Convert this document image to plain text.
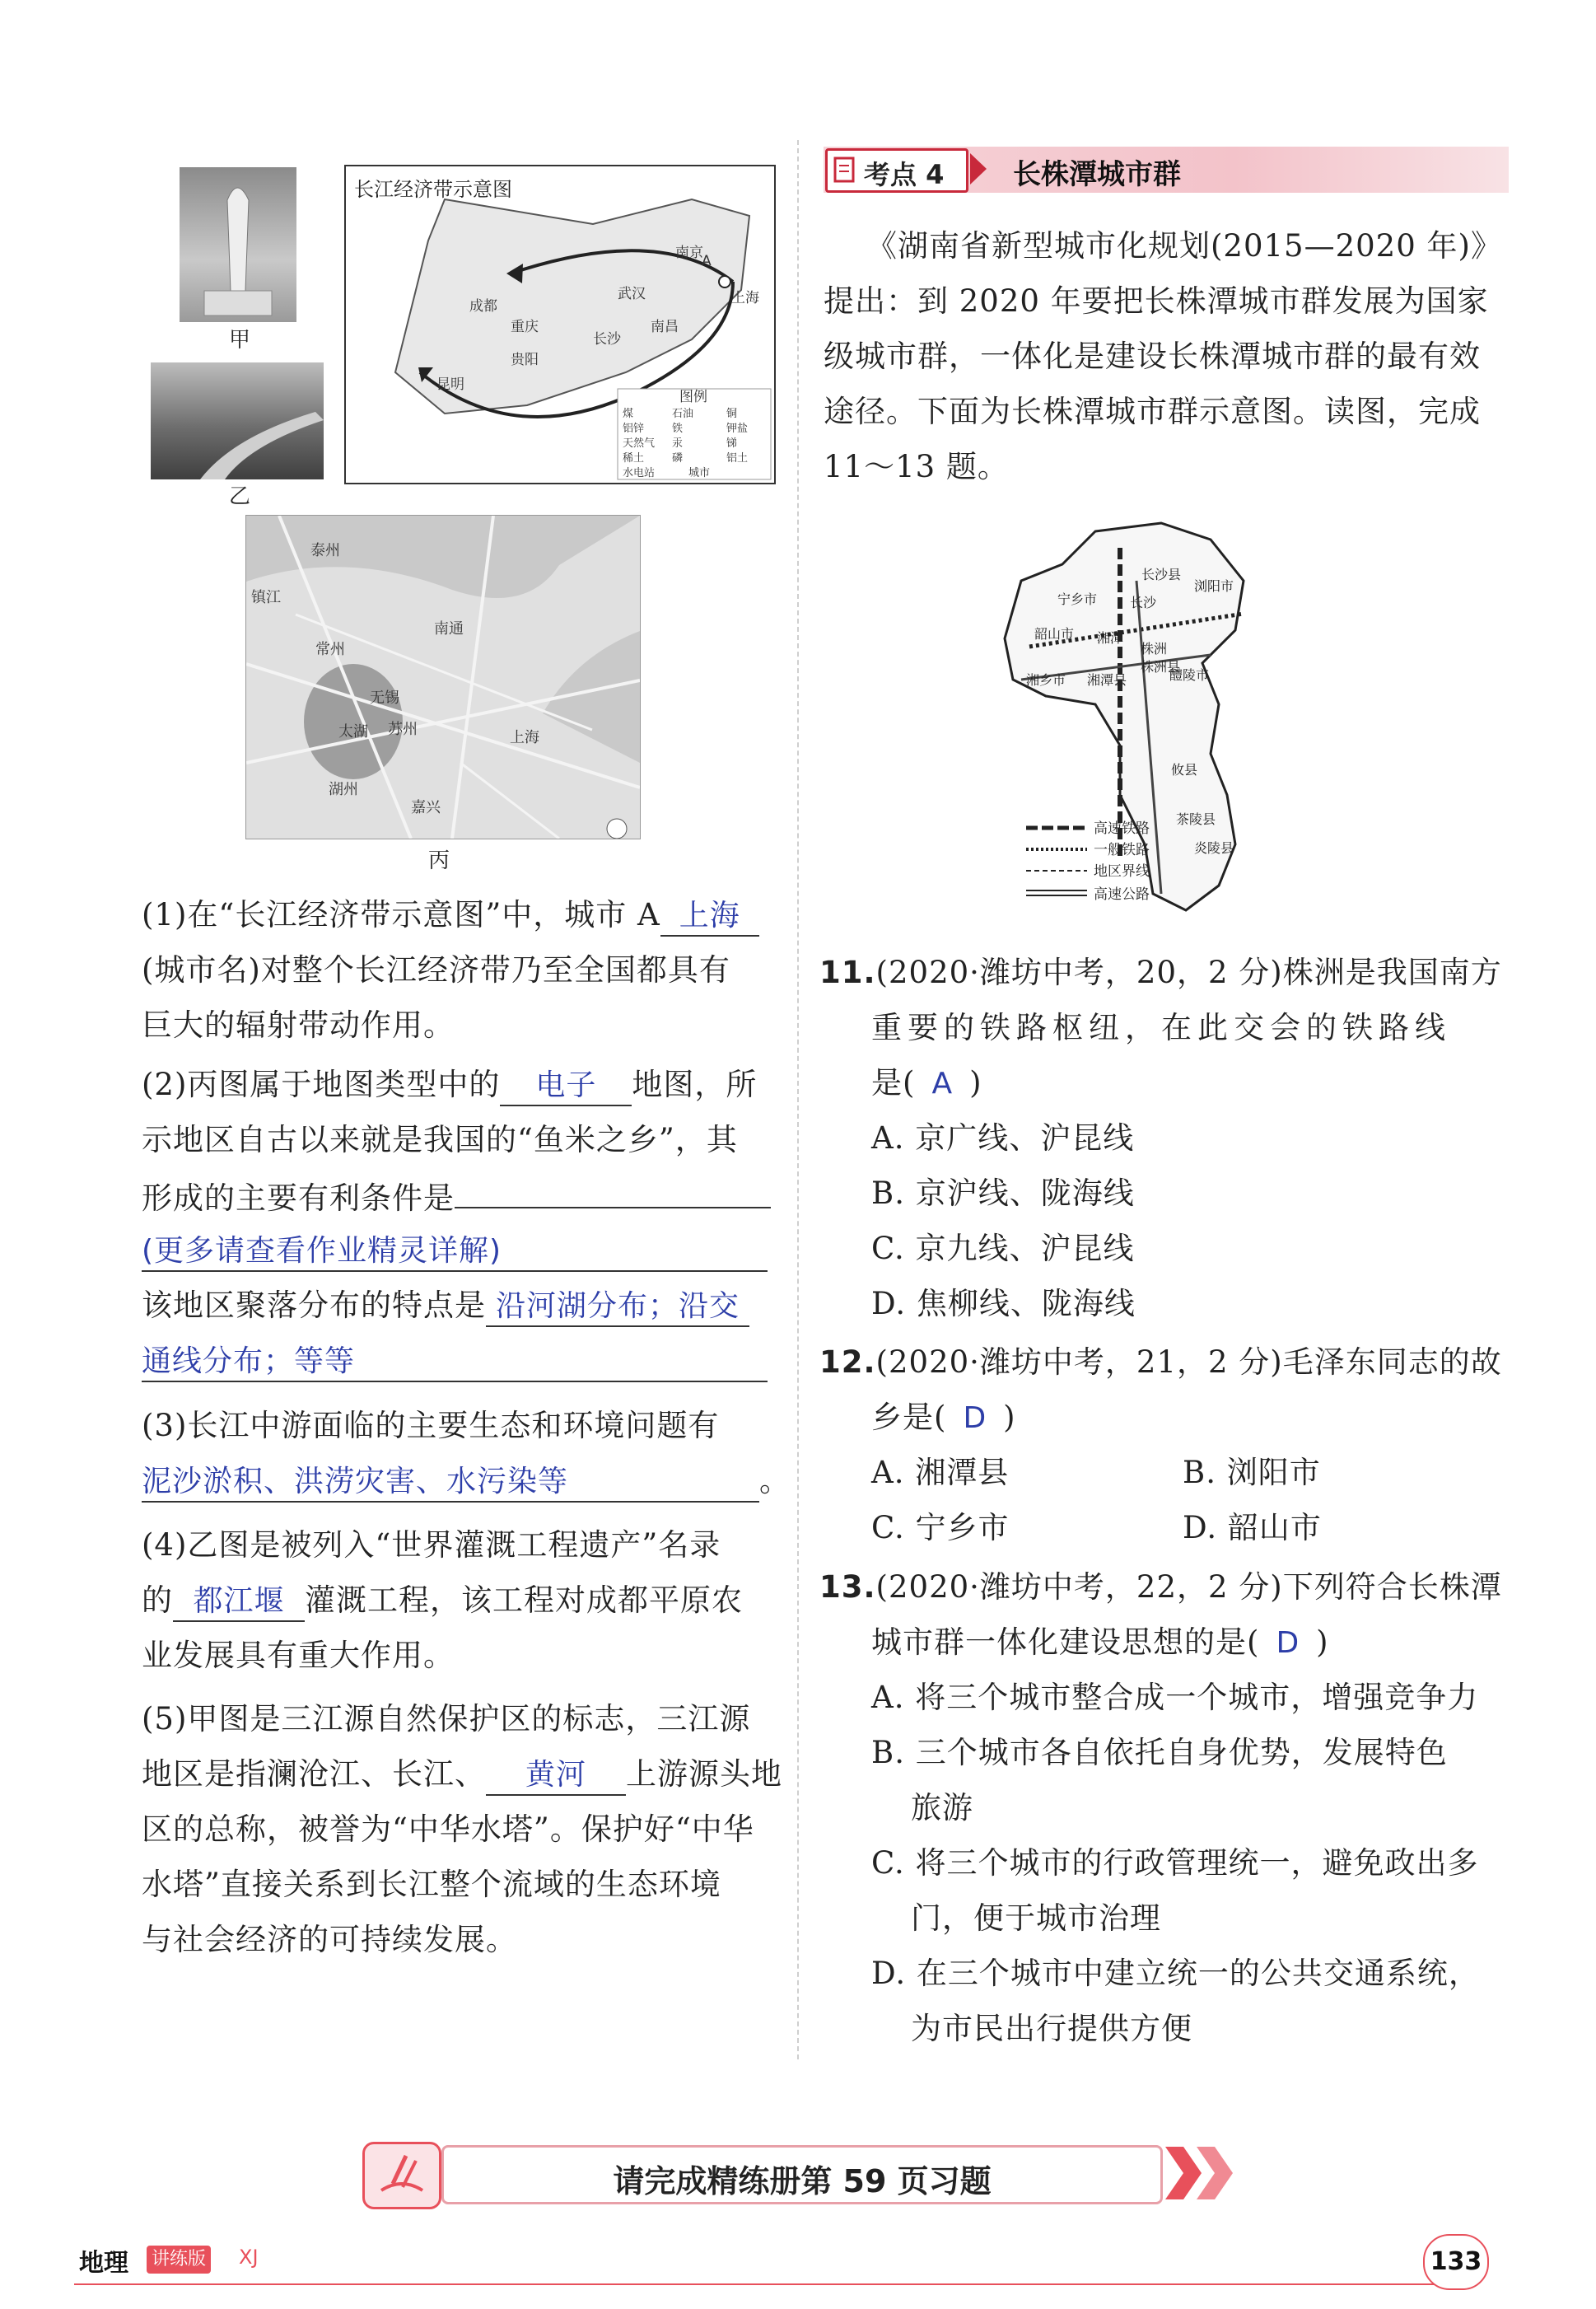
甲
乙
长江经济带示意图
A
成都
重庆
贵阳
昆明
武汉
南京
上海
长沙
南昌
图例
煤	石油	铜
铝锌	铁	钾盐
天然气 汞	锑
稀土	磷	铝土
水电站	城市
泰州
镇江
南通
常州
无锡
苏州
太湖	上海
湖州
嘉兴
丙
(1)在“长江经济带示意图”中，城市 A 上海
(城市名)对整个长江经济带乃至全国都具有
巨大的辐射带动作用。
(2)丙图属于地图类型中的 电子 地图，所
示地区自古以来就是我国的“鱼米之乡”，其
形成的主要有利条件是
(更多请查看作业精灵详解)
该地区聚落分布的特点是 沿河湖分布；沿交
通线分布；等等
(3)长江中游面临的主要生态和环境问题有
泥沙淤积、洪涝灾害、水污染等	。
(4)乙图是被列入“世界灌溉工程遗产”名录
的 都江堰 灌溉工程，该工程对成都平原农
业发展具有重大作用。
(5)甲图是三江源自然保护区的标志，三江源
地区是指澜沧江、长江、 黄河 上游源头地
区的总称，被誉为“中华水塔”。保护好“中华
水塔”直接关系到长江整个流域的生态环境
与社会经济的可持续发展。
考点 4 长株潭城市群
《湖南省新型城市化规划(2015—2020 年)》
提出：到 2020 年要把长株潭城市群发展为国家
级城市群，一体化是建设长株潭城市群的最有效
途径。下面为长株潭城市群示意图。读图，完成
11～13 题。
长沙县
浏阳市
宁乡市 长沙
韶山市 湘潭
株洲
醴陵市
湘乡市 湘潭县
株洲县
攸县
茶陵县
炎陵县
高速铁路
一般铁路
地区界线
高速公路
11.(2020·潍坊中考，20，2 分)株洲是我国南方
重要的铁路枢纽，在此交会的铁路线
是( A )
A. 京广线、沪昆线
B. 京沪线、陇海线
C. 京九线、沪昆线
D. 焦柳线、陇海线
12.(2020·潍坊中考，21，2 分)毛泽东同志的故
乡是( D )
A. 湘潭县	B. 浏阳市
C. 宁乡市	D. 韶山市
13.(2020·潍坊中考，22，2 分)下列符合长株潭
城市群一体化建设思想的是( D )
A. 将三个城市整合成一个城市，增强竞争力
B. 三个城市各自依托自身优势，发展特色
旅游
C. 将三个城市的行政管理统一，避免政出多
门，便于城市治理
D. 在三个城市中建立统一的公共交通系统，
为市民出行提供方便
请完成精练册第 59 页习题
地理 讲练版 XJ	133
